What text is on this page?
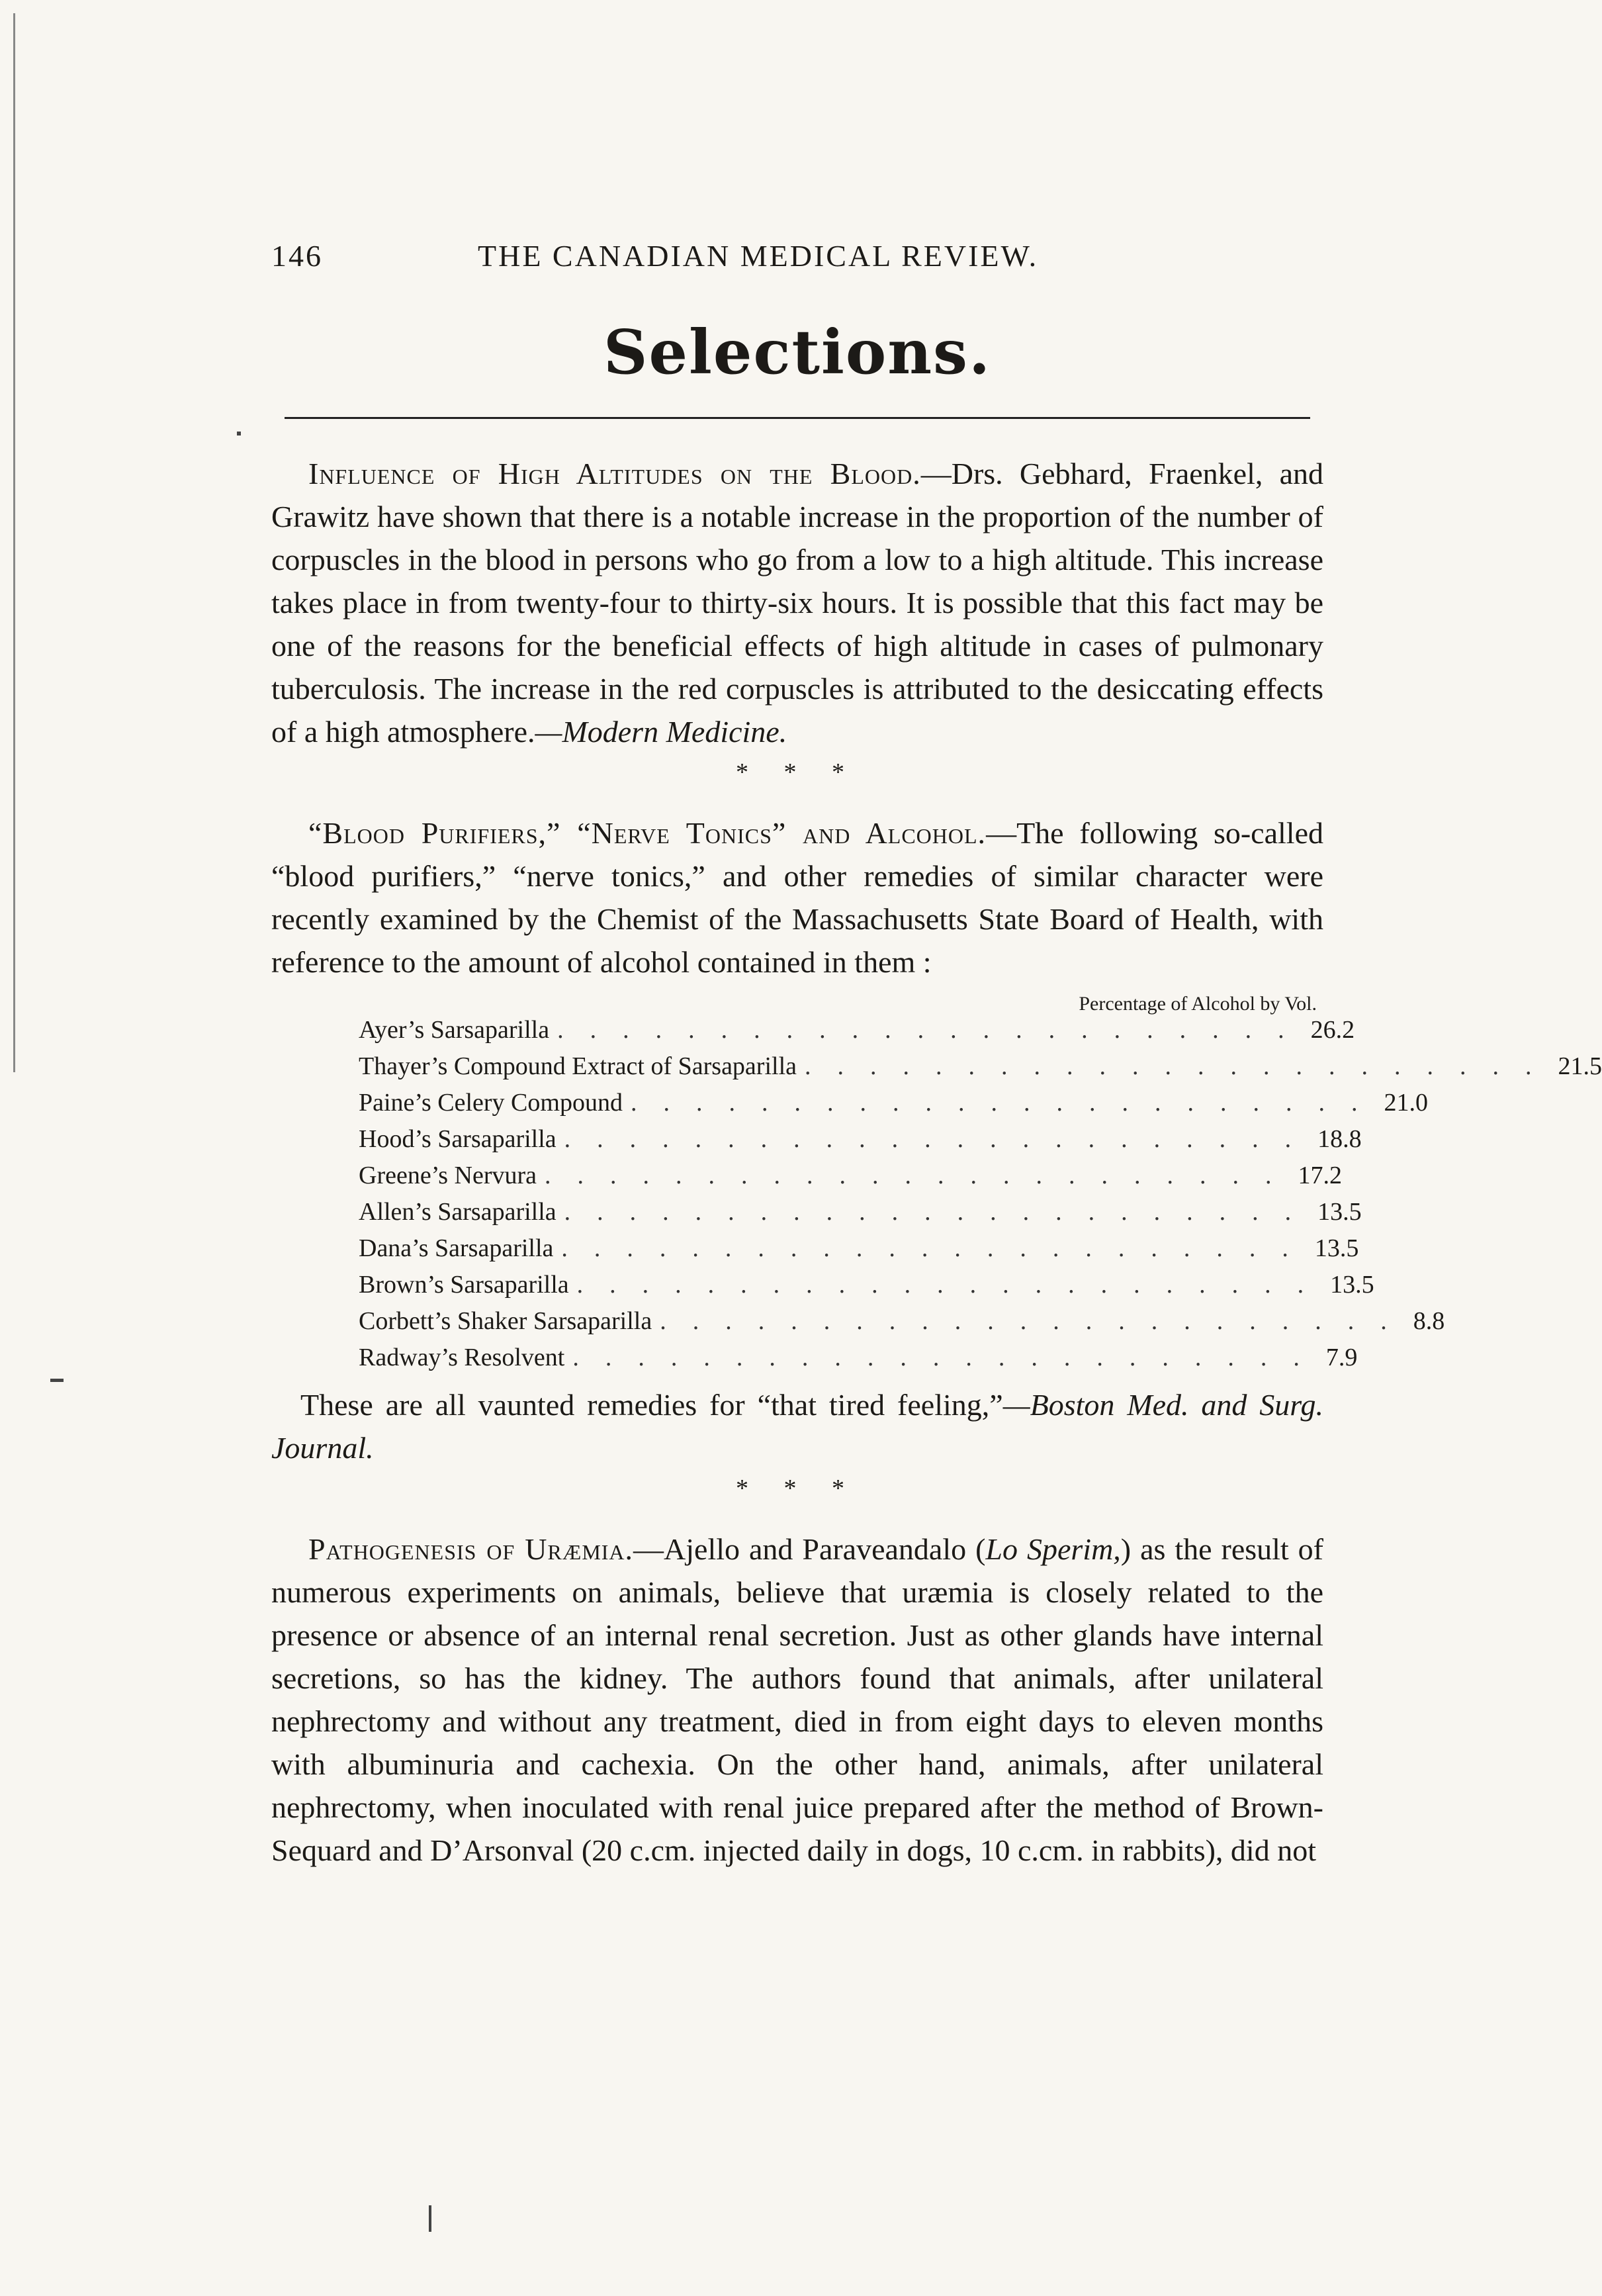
146	THE CANADIAN MEDICAL REVIEW.
Selections.

Influence of High Altitudes on the Blood.—Drs. Gebhard, Fraenkel, and Grawitz have shown that there is a notable increase in the proportion of the number of corpuscles in the blood in persons who go from a low to a high altitude. This increase takes place in from twenty-four to thirty-six hours. It is possible that this fact may be one of the reasons for the beneficial effects of high altitude in cases of pulmonary tuberculosis. The increase in the red corpuscles is attributed to the desiccating effects of a high atmosphere.—Modern Medicine.

* * *

“Blood Purifiers,” “Nerve Tonics” and Alcohol.—The following so-called “blood purifiers,” “nerve tonics,” and other remedies of similar character were recently examined by the Chemist of the Massachusetts State Board of Health, with reference to the amount of alcohol contained in them :

Percentage of Alcohol by Vol.
Ayer’s Sarsaparilla ....................... 26.2
Thayer’s Compound Extract of Sarsaparilla ....................... 21.5
Paine’s Celery Compound ....................... 21.0
Hood’s Sarsaparilla ....................... 18.8
Greene’s Nervura ....................... 17.2
Allen’s Sarsaparilla ....................... 13.5
Dana’s Sarsaparilla ....................... 13.5
Brown’s Sarsaparilla ....................... 13.5
Corbett’s Shaker Sarsaparilla ....................... 8.8
Radway’s Resolvent ....................... 7.9

These are all vaunted remedies for “that tired feeling,”—Boston Med. and Surg. Journal.

* * *

Pathogenesis of Uræmia.—Ajello and Paraveandalo (Lo Sperim,) as the result of numerous experiments on animals, believe that uræmia is closely related to the presence or absence of an internal renal secretion. Just as other glands have internal secretions, so has the kidney. The authors found that animals, after unilateral nephrectomy and without any treatment, died in from eight days to eleven months with albuminuria and cachexia. On the other hand, animals, after unilateral nephrectomy, when inoculated with renal juice prepared after the method of Brown-Sequard and D’Arsonval (20 c.cm. injected daily in dogs, 10 c.cm. in rabbits), did not
